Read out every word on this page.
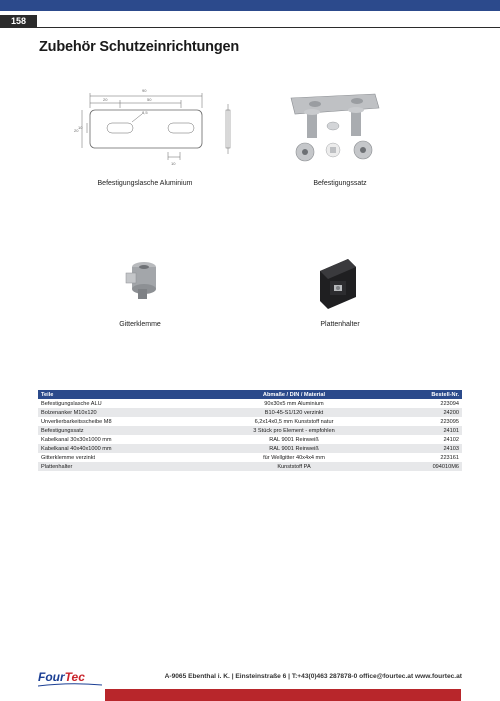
158
Zubehör Schutzeinrichtungen
90
20	50
10
20
8,5
10
Befestigungslasche Aluminium	Befestigungssatz
Gitterklemme	Plattenhalter
Teile	Abmaße / DIN / Material	Bestell-Nr.
Befestigungslasche ALU	90x30x5 mm Aluminium	223094
Bolzenanker M10x120	B10-45-S1/120 verzinkt	24200
Unverlierbarkeitsscheibe M8	6,2x14x0,5 mm Kunststoff natur	223095
Befestigungssatz	3 Stück pro Element - empfohlen	24101
Kabelkanal 30x30x1000 mm	RAL 9001 Reinweiß	24102
Kabelkanal 40x40x1000 mm	RAL 9001 Reinweiß	24103
Gitterklemme verzinkt	für Wellgitter 40x4x4 mm	223161
Plattenhalter	Kunststoff PA	094010M6
FourTec	A-9065 Ebenthal i. K. | Einsteinstraße 6 | T:+43(0)463 287878-0 office@fourtec.at www.fourtec.at
